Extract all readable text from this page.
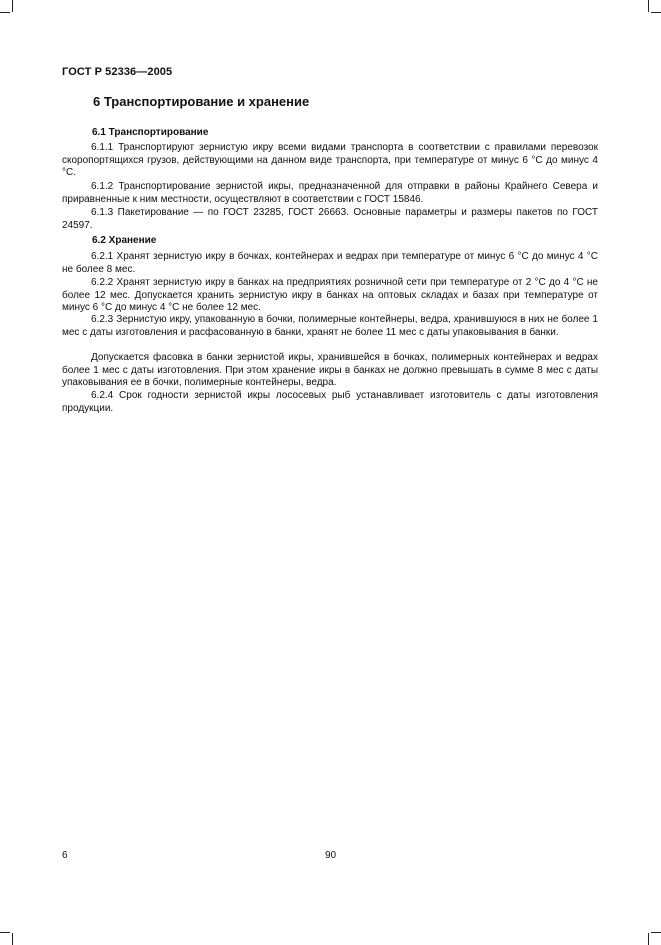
ГОСТ Р 52336—2005
6 Транспортирование и хранение
6.1 Транспортирование

6.1.1 Транспортируют зернистую икру всеми видами транспорта в соответствии с правилами перевозок скоропортящихся грузов, действующими на данном виде транспорта, при температуре от минус 6 °С до минус 4 °С.

6.1.2 Транспортирование зернистой икры, предназначенной для отправки в районы Крайнего Севера и приравненные к ним местности, осуществляют в соответствии с ГОСТ 15846.

6.1.3 Пакетирование — по ГОСТ 23285, ГОСТ 26663. Основные параметры и размеры пакетов по ГОСТ 24597.

6.2 Хранение

6.2.1 Хранят зернистую икру в бочках, контейнерах и ведрах при температуре от минус 6 °С до минус 4 °С не более 8 мес.

6.2.2 Хранят зернистую икру в банках на предприятиях розничной сети при температуре от 2 °С до 4 °С не более 12 мес. Допускается хранить зернистую икру в банках на оптовых складах и базах при температуре от минус 6 °С до минус 4 °С не более 12 мес.

6.2.3 Зернистую икру, упакованную в бочки, полимерные контейнеры, ведра, хранившуюся в них не более 1 мес с даты изготовления и расфасованную в банки, хранят не более 11 мес с даты упаковывания в банки.

Допускается фасовка в банки зернистой икры, хранившейся в бочках, полимерных контейнерах и ведрах более 1 мес с даты изготовления. При этом хранение икры в банках не должно превышать в сумме 8 мес с даты упаковывания ее в бочки, полимерные контейнеры, ведра.

6.2.4 Срок годности зернистой икры лососевых рыб устанавливает изготовитель с даты изготовления продукции.

6	90
